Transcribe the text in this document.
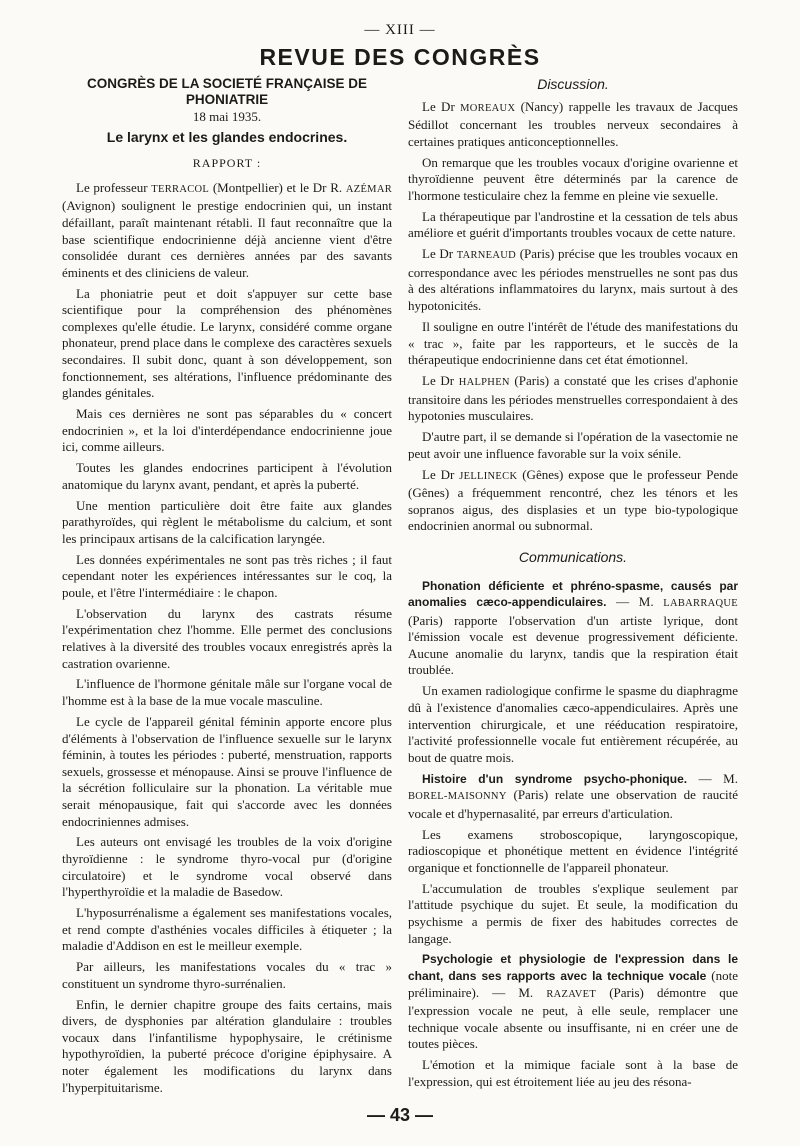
— XIII —
REVUE DES CONGRÈS
CONGRÈS DE LA SOCIETÉ FRANÇAISE DE PHONIATRIE
18 mai 1935.
Le larynx et les glandes endocrines.
RAPPORT :

Le professeur TERRACOL (Montpellier) et le Dr R. AZÉMAR (Avignon) soulignent le prestige endocrinien qui, un instant défaillant, paraît maintenant rétabli. Il faut reconnaître que la base scientifique endocrinienne déjà ancienne vient d'être consolidée durant ces dernières années par des savants éminents et des cliniciens de valeur.

La phoniatrie peut et doit s'appuyer sur cette base scientifique pour la compréhension des phénomènes complexes qu'elle étudie. Le larynx, considéré comme organe phonateur, prend place dans le complexe des caractères sexuels secondaires. Il subit donc, quant à son développement, son fonctionnement, ses altérations, l'influence prédominante des glandes génitales.

Mais ces dernières ne sont pas séparables du « concert endocrinien », et la loi d'interdépendance endocrinienne joue ici, comme ailleurs.

Toutes les glandes endocrines participent à l'évolution anatomique du larynx avant, pendant, et après la puberté.

Une mention particulière doit être faite aux glandes parathyroïdes, qui règlent le métabolisme du calcium, et sont les principaux artisans de la calcification laryngée.

Les données expérimentales ne sont pas très riches ; il faut cependant noter les expériences intéressantes sur le coq, la poule, et l'être l'intermédiaire : le chapon.

L'observation du larynx des castrats résume l'expérimentation chez l'homme. Elle permet des conclusions relatives à la diversité des troubles vocaux enregistrés après la castration ovarienne.

L'influence de l'hormone génitale mâle sur l'organe vocal de l'homme est à la base de la mue vocale masculine.

Le cycle de l'appareil génital féminin apporte encore plus d'éléments à l'observation de l'influence sexuelle sur le larynx féminin, à toutes les périodes : puberté, menstruation, rapports sexuels, grossesse et ménopause. Ainsi se prouve l'influence de la sécrétion folliculaire sur la phonation. La véritable mue serait ménopausique, fait qui s'accorde avec les données endocriniennes admises.

Les auteurs ont envisagé les troubles de la voix d'origine thyroïdienne : le syndrome thyro-vocal pur (d'origine circulatoire) et le syndrome vocal observé dans l'hyperthyroïdie et la maladie de Basedow.

L'hyposurrénalisme a également ses manifestations vocales, et rend compte d'asthénies vocales difficiles à étiqueter ; la maladie d'Addison en est le meilleur exemple.

Par ailleurs, les manifestations vocales du « trac » constituent un syndrome thyro-surrénalien.

Enfin, le dernier chapitre groupe des faits certains, mais divers, de dysphonies par altération glandulaire : troubles vocaux dans l'infantilisme hypophysaire, le crétinisme hypothyroïdien, la puberté précoce d'origine épiphysaire. A noter également les modifications du larynx dans l'hyperpituitarisme.

Discussion.

Le Dr MOREAUX (Nancy) rappelle les travaux de Jacques Sédillot concernant les troubles nerveux secondaires à certaines pratiques anticonceptionnelles.

On remarque que les troubles vocaux d'origine ovarienne et thyroïdienne peuvent être déterminés par la carence de l'hormone testiculaire chez la femme en pleine vie sexuelle.

La thérapeutique par l'androstine et la cessation de tels abus améliore et guérit d'importants troubles vocaux de cette nature.

Le Dr TARNEAUD (Paris) précise que les troubles vocaux en correspondance avec les périodes menstruelles ne sont pas dus à des altérations inflammatoires du larynx, mais surtout à des hypotonicités.

Il souligne en outre l'intérêt de l'étude des manifestations du « trac », faite par les rapporteurs, et le succès de la thérapeutique endocrinienne dans cet état émotionnel.

Le Dr HALPHEN (Paris) a constaté que les crises d'aphonie transitoire dans les périodes menstruelles correspondaient à des hypotonies musculaires.

D'autre part, il se demande si l'opération de la vasectomie ne peut avoir une influence favorable sur la voix sénile.

Le Dr JELLINECK (Gênes) expose que le professeur Pende (Gênes) a fréquemment rencontré, chez les ténors et les sopranos aigus, des displasies et un type bio-typologique endocrinien anormal ou subnormal.

Communications.

Phonation déficiente et phréno-spasme, causés par anomalies cæco-appendiculaires. — M. LABARRAQUE (Paris) rapporte l'observation d'un artiste lyrique, dont l'émission vocale est devenue progressivement déficiente. Aucune anomalie du larynx, tandis que la respiration était troublée.

Un examen radiologique confirme le spasme du diaphragme dû à l'existence d'anomalies cæco-appendiculaires. Après une intervention chirurgicale, et une rééducation respiratoire, l'activité professionnelle vocale fut entièrement récupérée, au bout de quatre mois.

Histoire d'un syndrome psycho-phonique. — M. BOREL-MAISONNY (Paris) relate une observation de raucité vocale et d'hypernasalité, par erreurs d'articulation.

Les examens stroboscopique, laryngoscopique, radioscopique et phonétique mettent en évidence l'intégrité organique et fonctionnelle de l'appareil phonateur.

L'accumulation de troubles s'explique seulement par l'attitude psychique du sujet. Et seule, la modification du psychisme a permis de fixer des habitudes correctes de langage.

Psychologie et physiologie de l'expression dans le chant, dans ses rapports avec la technique vocale (note préliminaire). — M. RAZAVET (Paris) démontre que l'expression vocale ne peut, à elle seule, remplacer une technique vocale absente ou insuffisante, ni en créer une de toutes pièces.

L'émotion et la mimique faciale sont à la base de l'expression, qui est étroitement liée au jeu des résona-

— 43 —
